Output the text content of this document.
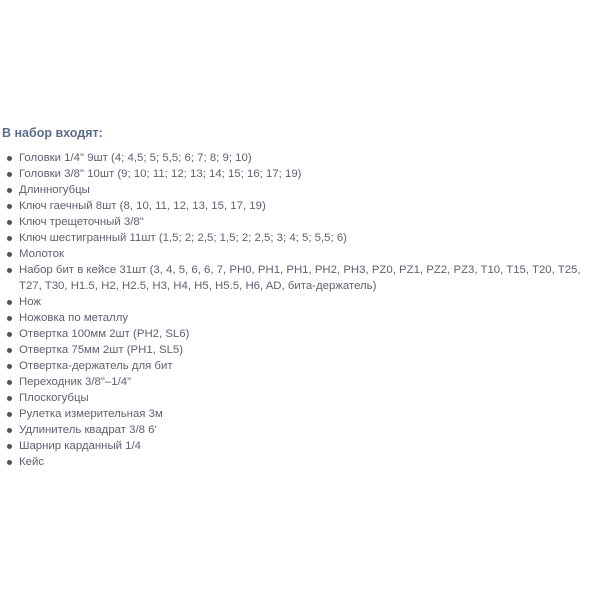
В набор входят:

Головки 1/4" 9шт (4; 4,5; 5; 5,5; 6; 7; 8; 9; 10)
Головки 3/8" 10шт (9; 10; 11; 12; 13; 14; 15; 16; 17; 19)
Длинногубцы
Ключ гаечный 8шт (8, 10, 11, 12, 13, 15, 17, 19)
Ключ трещеточный 3/8"
Ключ шестигранный 11шт (1,5; 2; 2,5; 1,5; 2; 2,5; 3; 4; 5; 5,5; 6)
Молоток
Набор бит в кейсе 31шт (3, 4, 5, 6, 6, 7, PH0, PH1, PH1, PH2, PH3, PZ0, PZ1, PZ2, PZ3, T10, T15, T20, T25, T27, T30, H1.5, H2, H2.5, H3, H4, H5, H5.5, H6, AD, бита-держатель)
Нож
Ножовка по металлу
Отвертка 100мм 2шт (PH2, SL6)
Отвертка 75мм 2шт (PH1, SL5)
Отвертка-держатель для бит
Переходник 3/8"–1/4"
Плоскогубцы
Рулетка измерительная 3м
Удлинитель квадрат 3/8 6'
Шарнир карданный 1/4
Кейс
